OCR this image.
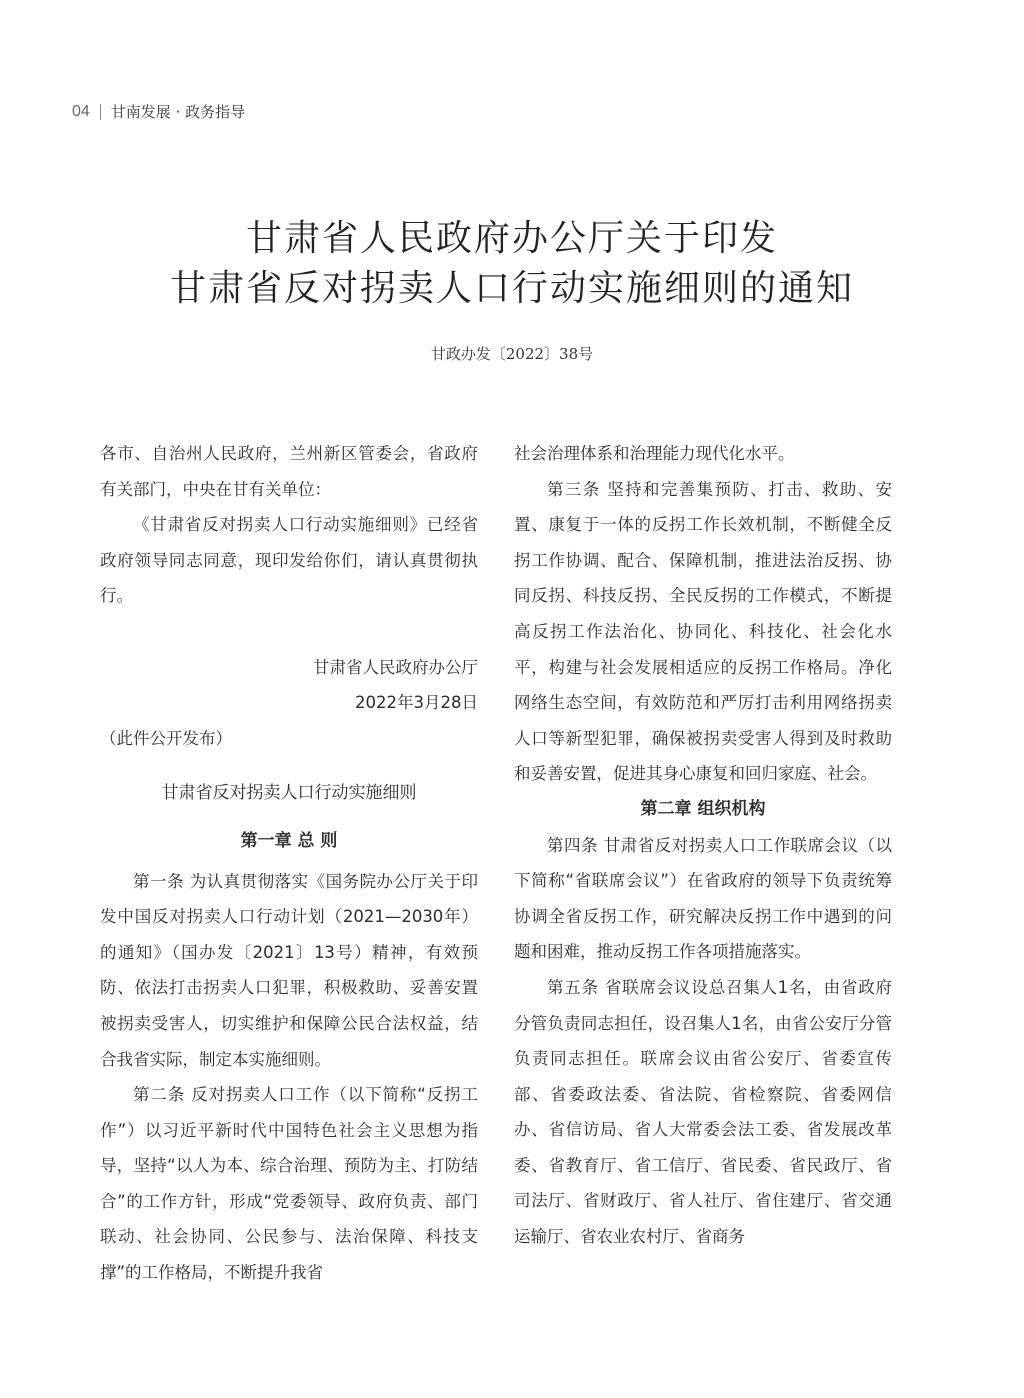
04 甘南发展 · 政务指导
甘肃省人民政府办公厅关于印发
甘肃省反对拐卖人口行动实施细则的通知
甘政办发〔2022〕38号

各市、自治州人民政府，兰州新区管委会，省政府有关部门，中央在甘有关单位：

《甘肃省反对拐卖人口行动实施细则》已经省政府领导同志同意，现印发给你们，请认真贯彻执行。

甘肃省人民政府办公厅

2022年3月28日

（此件公开发布）

甘肃省反对拐卖人口行动实施细则

第一章 总 则

第一条 为认真贯彻落实《国务院办公厅关于印发中国反对拐卖人口行动计划（2021—2030年）的通知》（国办发〔2021〕13号）精神，有效预防、依法打击拐卖人口犯罪，积极救助、妥善安置被拐卖受害人，切实维护和保障公民合法权益，结合我省实际，制定本实施细则。

第二条 反对拐卖人口工作（以下简称“反拐工作”）以习近平新时代中国特色社会主义思想为指导，坚持“以人为本、综合治理、预防为主、打防结合”的工作方针，形成“党委领导、政府负责、部门联动、社会协同、公民参与、法治保障、科技支撑”的工作格局，不断提升我省

社会治理体系和治理能力现代化水平。

第三条 坚持和完善集预防、打击、救助、安置、康复于一体的反拐工作长效机制，不断健全反拐工作协调、配合、保障机制，推进法治反拐、协同反拐、科技反拐、全民反拐的工作模式，不断提高反拐工作法治化、协同化、科技化、社会化水平，构建与社会发展相适应的反拐工作格局。净化网络生态空间，有效防范和严厉打击利用网络拐卖人口等新型犯罪，确保被拐卖受害人得到及时救助和妥善安置，促进其身心康复和回归家庭、社会。

第二章 组织机构

第四条 甘肃省反对拐卖人口工作联席会议（以下简称“省联席会议”）在省政府的领导下负责统筹协调全省反拐工作，研究解决反拐工作中遇到的问题和困难，推动反拐工作各项措施落实。

第五条 省联席会议设总召集人1名，由省政府分管负责同志担任，设召集人1名，由省公安厅分管负责同志担任。联席会议由省公安厅、省委宣传部、省委政法委、省法院、省检察院、省委网信办、省信访局、省人大常委会法工委、省发展改革委、省教育厅、省工信厅、省民委、省民政厅、省司法厅、省财政厅、省人社厅、省住建厅、省交通运输厅、省农业农村厅、省商务
